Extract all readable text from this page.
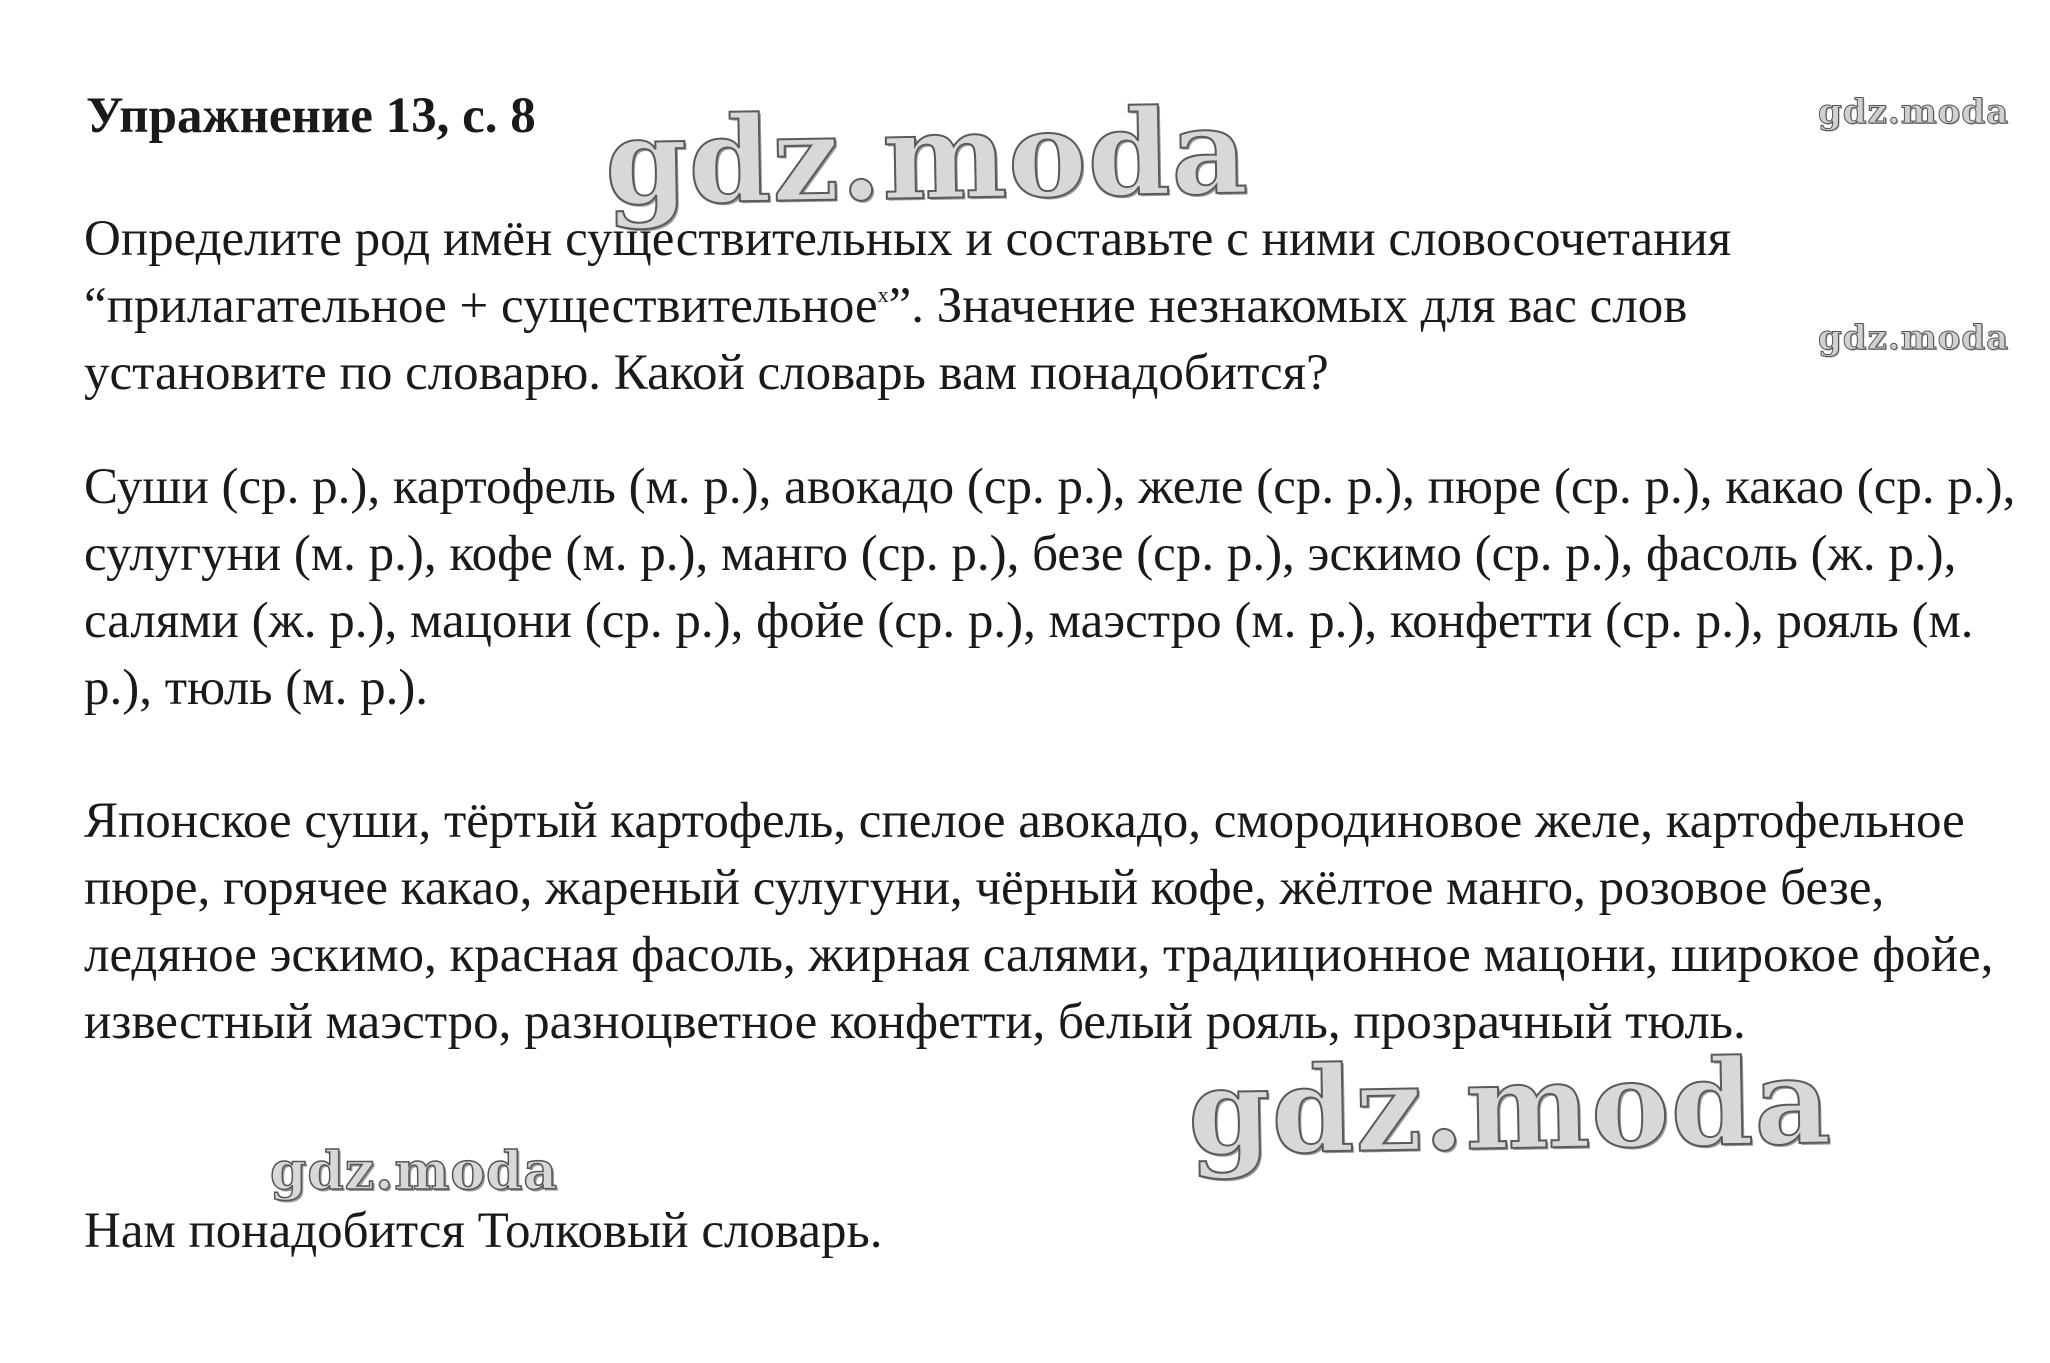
Упражнение 13, с. 8
Определите род имён существительных и составьте с ними словосочетания
“прилагательное + существительное$^х$”. Значение незнакомых для вас слов
установите по словарю. Какой словарь вам понадобится?
Суши (ср. р.), картофель (м. р.), авокадо (ср. р.), желе (ср. р.), пюре (ср. р.), какао (ср. р.), сулугуни (м. р.), кофе (м. р.), манго (ср. р.), безе (ср. р.), эскимо (ср. р.), фасоль (ж. р.), салями (ж. р.), мацони (ср. р.), фойе (ср. р.), маэстро (м. р.), конфетти (ср. р.), рояль (м. р.), тюль (м. р.).
Японское суши, тёртый картофель, спелое авокадо, смородиновое желе, картофельное пюре, горячее какао, жареный сулугуни, чёрный кофе, жёлтое манго, розовое безе, ледяное эскимо, красная фасоль, жирная салями, традиционное мацони, широкое фойе, известный маэстро, разноцветное конфетти, белый рояль, прозрачный тюль.
Нам понадобится Толковый словарь.
gdz.moda	gdz.moda
gdz.moda
gdz.moda	gdz.moda
